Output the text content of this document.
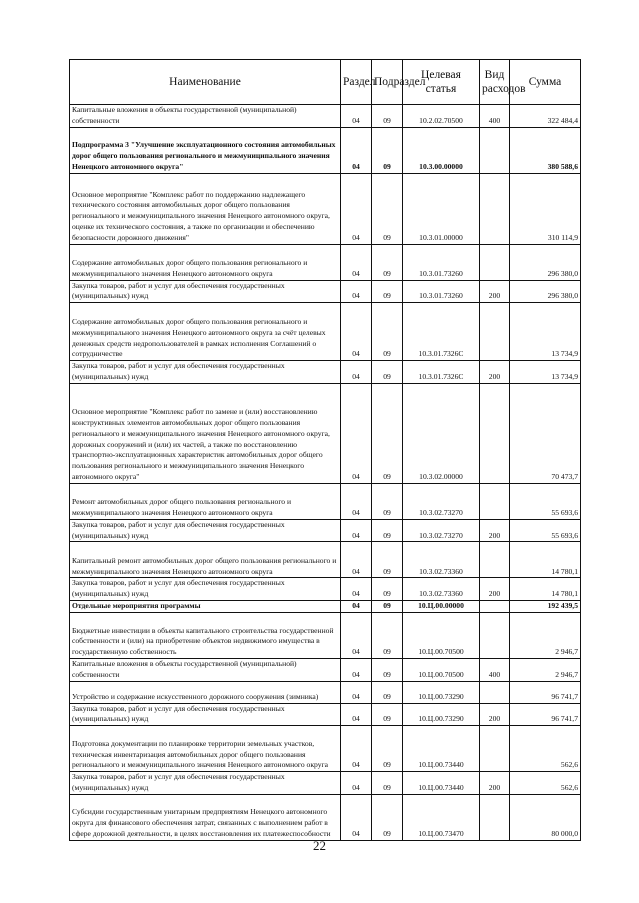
Наименование	Раздел	Подраздел	Целевая статья	Вид расходов	Сумма
Капитальные вложения в объекты государственной (муниципальной) собственности	04	09	10.2.02.70500	400	322 484,4
Подпрограмма 3 "Улучшение эксплуатационного состояния автомобильных дорог общего пользования регионального и межмуниципального значения Ненецкого автономного округа"	04	09	10.3.00.00000		380 588,6
Основное мероприятие "Комплекс работ по поддержанию надлежащего технического состояния автомобильных дорог общего пользования регионального и межмуниципального значения Ненецкого автономного округа, оценке их технического состояния, а также по организации и обеспечению безопасности дорожного движения"	04	09	10.3.01.00000		310 114,9
Содержание автомобильных дорог общего пользования регионального и межмуниципального значения Ненецкого автономного округа	04	09	10.3.01.73260		296 380,0
Закупка товаров, работ и услуг для обеспечения государственных (муниципальных) нужд	04	09	10.3.01.73260	200	296 380,0
Содержание автомобильных дорог общего пользования регионального и межмуниципального значения Ненецкого автономного округа за счёт целевых денежных средств недропользователей в рамках исполнения Соглашений о сотрудничестве	04	09	10.3.01.7326С		13 734,9
Закупка товаров, работ и услуг для обеспечения государственных (муниципальных) нужд	04	09	10.3.01.7326С	200	13 734,9
Основное мероприятие "Комплекс работ по замене и (или) восстановлению конструктивных элементов автомобильных дорог общего пользования регионального и межмуниципального значения Ненецкого автономного округа, дорожных сооружений и (или) их частей, а также по восстановлению транспортно-эксплуатационных характеристик автомобильных дорог общего пользования регионального и межмуниципального значения Ненецкого автономного округа"	04	09	10.3.02.00000		70 473,7
Ремонт автомобильных дорог общего пользования регионального и межмуниципального значения Ненецкого автономного округа	04	09	10.3.02.73270		55 693,6
Закупка товаров, работ и услуг для обеспечения государственных (муниципальных) нужд	04	09	10.3.02.73270	200	55 693,6
Капитальный ремонт автомобильных дорог общего пользования регионального и межмуниципального значения Ненецкого автономного округа	04	09	10.3.02.73360		14 780,1
Закупка товаров, работ и услуг для обеспечения государственных (муниципальных) нужд	04	09	10.3.02.73360	200	14 780,1
Отдельные мероприятия программы	04	09	10.Ц.00.00000		192 439,5
Бюджетные инвестиции в объекты капитального строительства государственной собственности и (или) на приобретение объектов недвижимого имущества в государственную собственность	04	09	10.Ц.00.70500		2 946,7
Капитальные вложения в объекты государственной (муниципальной) собственности	04	09	10.Ц.00.70500	400	2 946,7
Устройство и содержание искусственного дорожного сооружения (зимника)	04	09	10.Ц.00.73290		96 741,7
Закупка товаров, работ и услуг для обеспечения государственных (муниципальных) нужд	04	09	10.Ц.00.73290	200	96 741,7
Подготовка документации по планировке территории земельных участков, техническая инвентаризация автомобильных дорог общего пользования регионального и межмуниципального значения Ненецкого автономного округа	04	09	10.Ц.00.73440		562,6
Закупка товаров, работ и услуг для обеспечения государственных (муниципальных) нужд	04	09	10.Ц.00.73440	200	562,6
Субсидии государственным унитарным предприятиям Ненецкого автономного округа для финансового обеспечения затрат, связанных с выполнением работ в сфере дорожной деятельности, в целях восстановления их платежеспособности	04	09	10.Ц.00.73470		80 000,0
22
